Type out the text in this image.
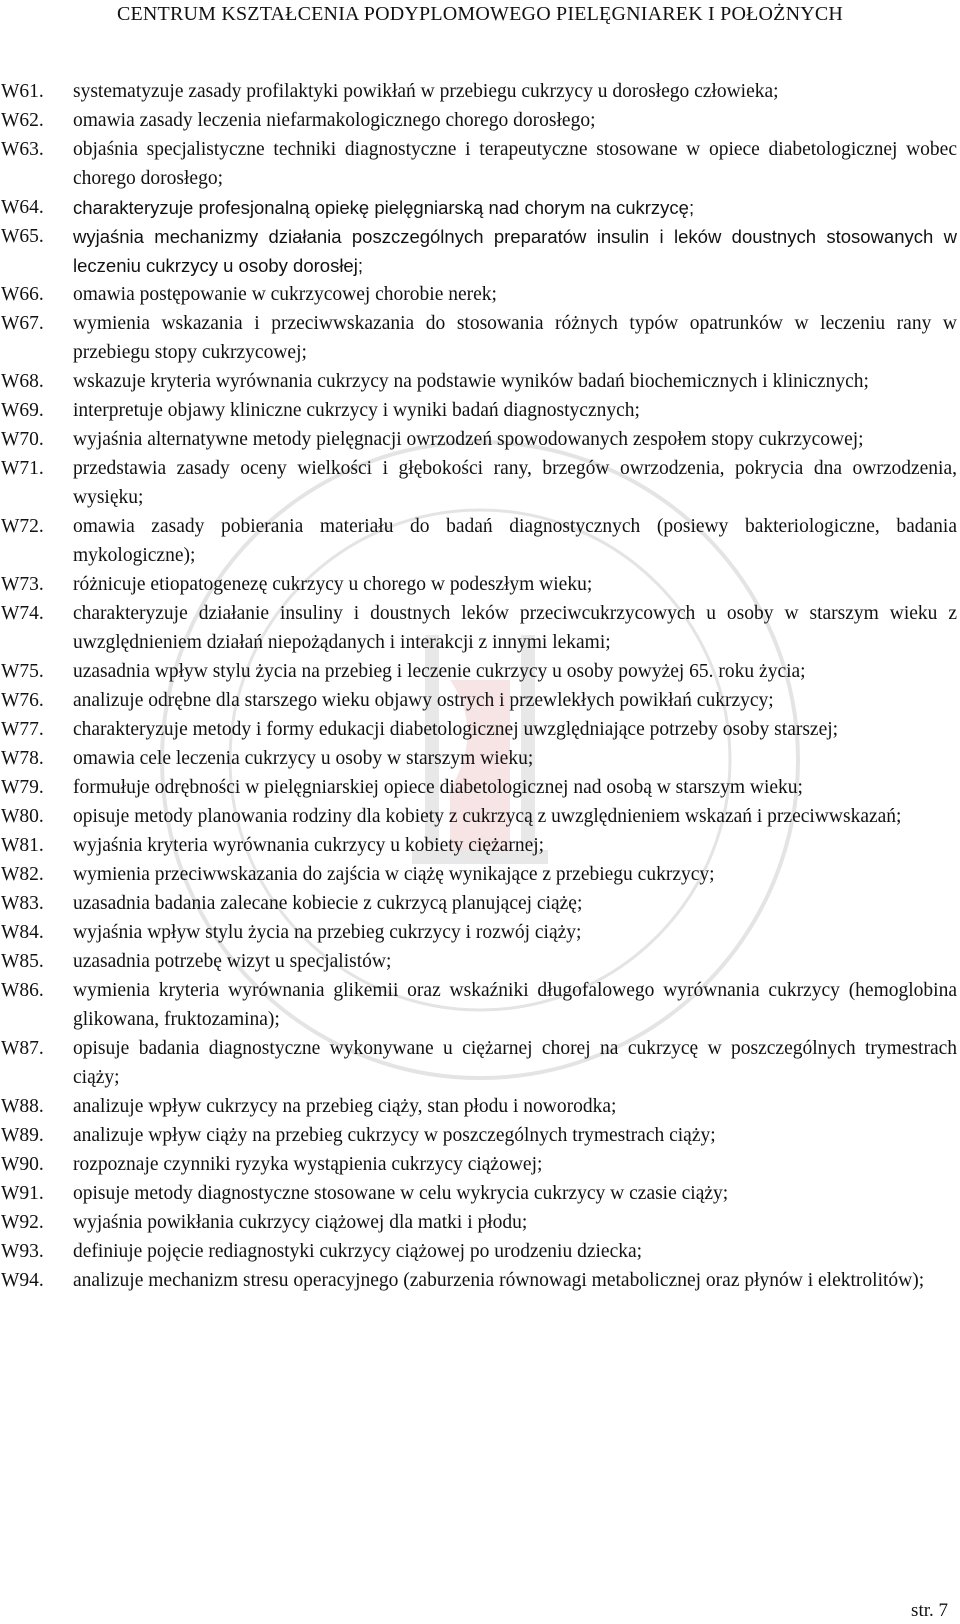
CENTRUM KSZTAŁCENIA PODYPLOMOWEGO PIELĘGNIAREK I POŁOŻNYCH
W61.	systematyzuje zasady profilaktyki powikłań w przebiegu cukrzycy u dorosłego człowieka;
W62.	omawia zasady leczenia niefarmakologicznego chorego dorosłego;
W63.	objaśnia specjalistyczne techniki diagnostyczne i terapeutyczne stosowane w opiece diabetologicznej wobec chorego dorosłego;
W64.	charakteryzuje profesjonalną opiekę pielęgniarską nad chorym na cukrzycę;
W65.	wyjaśnia mechanizmy działania poszczególnych preparatów insulin i leków doustnych stosowanych w leczeniu cukrzycy u osoby dorosłej;
W66.	omawia postępowanie w cukrzycowej chorobie nerek;
W67.	wymienia wskazania i przeciwwskazania do stosowania różnych typów opatrunków w leczeniu rany w przebiegu stopy cukrzycowej;
W68.	wskazuje kryteria wyrównania cukrzycy na podstawie wyników badań biochemicznych i klinicznych;
W69.	interpretuje objawy kliniczne cukrzycy i wyniki badań diagnostycznych;
W70.	wyjaśnia alternatywne metody pielęgnacji owrzodzeń spowodowanych zespołem stopy cukrzycowej;
W71.	przedstawia zasady oceny wielkości i głębokości rany, brzegów owrzodzenia, pokrycia dna owrzodzenia, wysięku;
W72.	omawia zasady pobierania materiału do badań diagnostycznych (posiewy bakteriologiczne, badania mykologiczne);
W73.	różnicuje etiopatogenezę cukrzycy u chorego w podeszłym wieku;
W74.	charakteryzuje działanie insuliny i doustnych leków przeciwcukrzycowych u osoby w starszym wieku z uwzględnieniem działań niepożądanych i interakcji z innymi lekami;
W75.	uzasadnia wpływ stylu życia na przebieg i leczenie cukrzycy u osoby powyżej 65. roku życia;
W76.	analizuje odrębne dla starszego wieku objawy ostrych i przewlekłych powikłań cukrzycy;
W77.	charakteryzuje metody i formy edukacji diabetologicznej uwzględniające potrzeby osoby starszej;
W78.	omawia cele leczenia cukrzycy u osoby w starszym wieku;
W79.	formułuje odrębności w pielęgniarskiej opiece diabetologicznej nad osobą w starszym wieku;
W80.	opisuje metody planowania rodziny dla kobiety z cukrzycą z uwzględnieniem wskazań i przeciwwskazań;
W81.	wyjaśnia kryteria wyrównania cukrzycy u kobiety ciężarnej;
W82.	wymienia przeciwwskazania do zajścia w ciążę wynikające z przebiegu cukrzycy;
W83.	uzasadnia badania zalecane kobiecie z cukrzycą planującej ciążę;
W84.	wyjaśnia wpływ stylu życia na przebieg cukrzycy i rozwój ciąży;
W85.	uzasadnia potrzebę wizyt u specjalistów;
W86.	wymienia kryteria wyrównania glikemii oraz wskaźniki długofalowego wyrównania cukrzycy (hemoglobina glikowana, fruktozamina);
W87.	opisuje badania diagnostyczne wykonywane u ciężarnej chorej na cukrzycę w poszczególnych trymestrach ciąży;
W88.	analizuje wpływ cukrzycy na przebieg ciąży, stan płodu i noworodka;
W89.	analizuje wpływ ciąży na przebieg cukrzycy w poszczególnych trymestrach ciąży;
W90.	rozpoznaje czynniki ryzyka wystąpienia cukrzycy ciążowej;
W91.	opisuje metody diagnostyczne stosowane w celu wykrycia cukrzycy w czasie ciąży;
W92.	wyjaśnia powikłania cukrzycy ciążowej dla matki i płodu;
W93.	definiuje pojęcie rediagnostyki cukrzycy ciążowej po urodzeniu dziecka;
W94.	analizuje mechanizm stresu operacyjnego (zaburzenia równowagi metabolicznej oraz płynów i elektrolitów);
str. 7
